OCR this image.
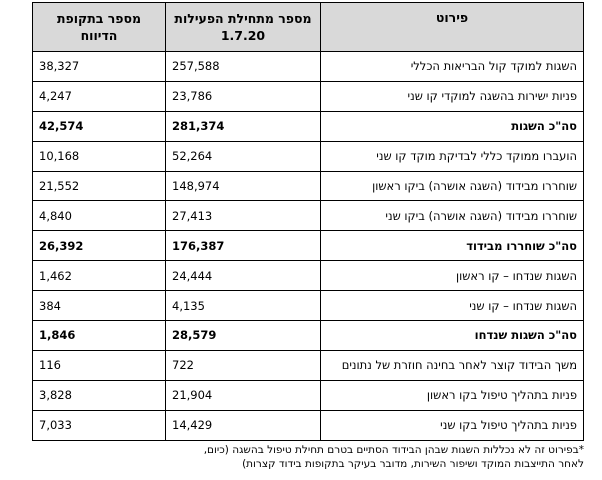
פירוט	מספר מתחילת הפעילות 1.7.20	מספר בתקופת הדיווח
השגות למוקד קול הבריאות הכללי	257,588	38,327
פניות ישירות בהשגה למוקדי קו שני	23,786	4,247
סה"כ השגות	281,374	42,574
הועברו ממוקד כללי לבדיקת מוקד קו שני	52,264	10,168
שוחררו מבידוד (השגה אושרה) ביקו ראשון	148,974	21,552
שוחררו מבידוד (השגה אושרה) ביקו שני	27,413	4,840
סה"כ שוחררו מבידוד	176,387	26,392
השגות שנדחו – קו ראשון	24,444	1,462
השגות שנדחו – קו שני	4,135	384
סה"כ השגות שנדחו	28,579	1,846
משך הבידוד קוצר לאחר בחינה חוזרת של נתונים	722	116
פניות בתהליך טיפול בקו ראשון	21,904	3,828
פניות בתהליך טיפול בקו שני	14,429	7,033
*בפירוט זה לא נכללות השגות שבהן הבידוד הסתיים בטרם תחילת טיפול בהשגה (כיום,
לאחר התייצבות המוקד ושיפור השירות, מדובר בעיקר בתקופות בידוד קצרות)
